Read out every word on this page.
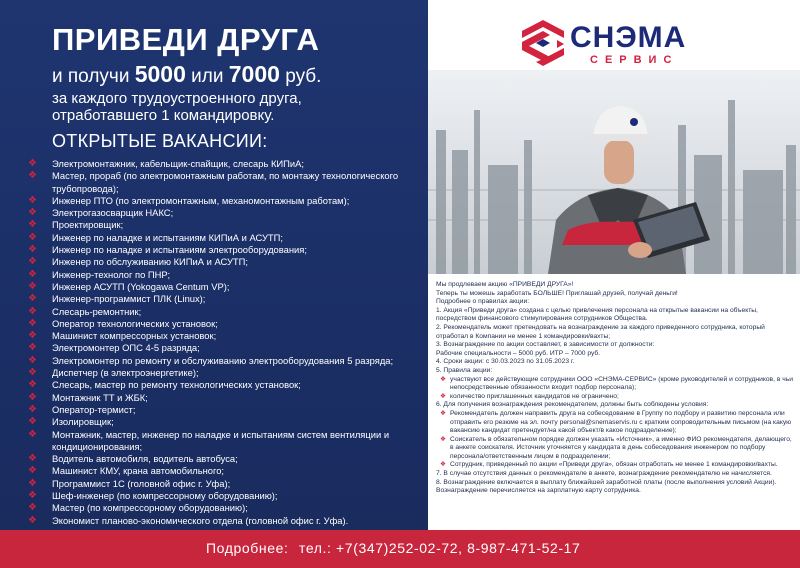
ПРИВЕДИ ДРУГА
и получи 5000 или 7000 руб.
за каждого трудоустроенного друга, отработавшего 1 командировку.
ОТКРЫТЫЕ ВАКАНСИИ:
❖ Электромонтажник, кабельщик-спайщик, слесарь КИПиА;
❖ Мастер, прораб (по электромонтажным работам, по монтажу технологического трубопровода);
❖ Инженер ПТО (по электромонтажным, механомонтажным работам);
❖ Электрогазосварщик НАКС;
❖ Проектировщик;
❖ Инженер по наладке и испытаниям КИПиА и АСУТП;
❖ Инженер по наладке и испытаниям электрооборудования;
❖ Инженер по обслуживанию КИПиА и АСУТП;
❖ Инженер-технолог по ПНР;
❖ Инженер АСУТП (Yokogawa Centum VP);
❖ Инженер-программист ПЛК (Linux);
❖ Слесарь-ремонтник;
❖ Оператор технологических установок;
❖ Машинист компрессорных установок;
❖ Электромонтер ОПС 4-5 разряда;
❖ Электромонтер по ремонту и обслуживанию электрооборудования 5 разряда;
❖ Диспетчер (в электроэнергетике);
❖ Слесарь, мастер по ремонту технологических установок;
❖ Монтажник ТТ и ЖБК;
❖ Оператор-термист;
❖ Изолировщик;
❖ Монтажник, мастер, инженер по наладке и испытаниям систем вентиляции и кондиционирования;
❖ Водитель автомобиля, водитель автобуса;
❖ Машинист КМУ, крана автомобильного;
❖ Программист 1С (головной офис г. Уфа);
❖ Шеф-инженер (по компрессорному оборудованию);
❖ Мастер (по компрессорному оборудованию);
❖ Экономист планово-экономического отдела (головной офис г. Уфа).
СНЭМА
СЕРВИС

Мы продлеваем акцию «ПРИВЕДИ ДРУГА»!

Теперь ты можешь заработать БОЛЬШЕ! Приглашай друзей, получай деньги!

Подробнее о правилах акции:

1. Акция «Приведи друга» создана с целью привлечения персонала на открытые вакансии на объекты, посредством финансового стимулирования сотрудников Общества.

2. Рекомендатель может претендовать на вознаграждение за каждого приведенного сотрудника, который отработал в Компании не менее 1 командировки/вахты;

3. Вознаграждение по акции составляет, в зависимости от должности:

Рабочие специальности – 5000 руб. ИТР – 7000 руб.

4. Сроки акции: с 30.03.2023 по 31.05.2023 г.

5. Правила акции:

❖ участвуют все действующие сотрудники ООО «СНЭМА-СЕРВИС» (кроме руководителей и сотрудников, в чьи непосредственные обязанности входит подбор персонала);

❖ количество приглашенных кандидатов не ограничено;

6. Для получения вознаграждения рекомендателем, должны быть соблюдены условия:

❖ Рекомендатель должен направить друга на собеседование в Группу по подбору и развитию персонала или отправить его резюме на эл. почту personal@snemaservis.ru с кратким сопроводительным письмом (на какую вакансию кандидат претендует/на какой объект/в какое подразделение);

❖ Соискатель в обязательном порядке должен указать «Источник», а именно ФИО рекомендателя, делающего, в анкете соискателя. Источник уточняется у кандидата в день собеседования инженером по подбору персонала/ответственным лицом в подразделении;

❖ Сотрудник, приведенный по акции «Приведи друга», обязан отработать не менее 1 командировки/вахты.

7. В случае отсутствия данных о рекомендателе в анкете, вознаграждение рекомендателю не начисляется.

8. Вознаграждение включается в выплату ближайшей заработной платы (после выполнения условий Акции). Вознаграждение перечисляется на зарплатную карту сотрудника.

Подробнее: тел.: +7(347)252-02-72, 8-987-471-52-17
